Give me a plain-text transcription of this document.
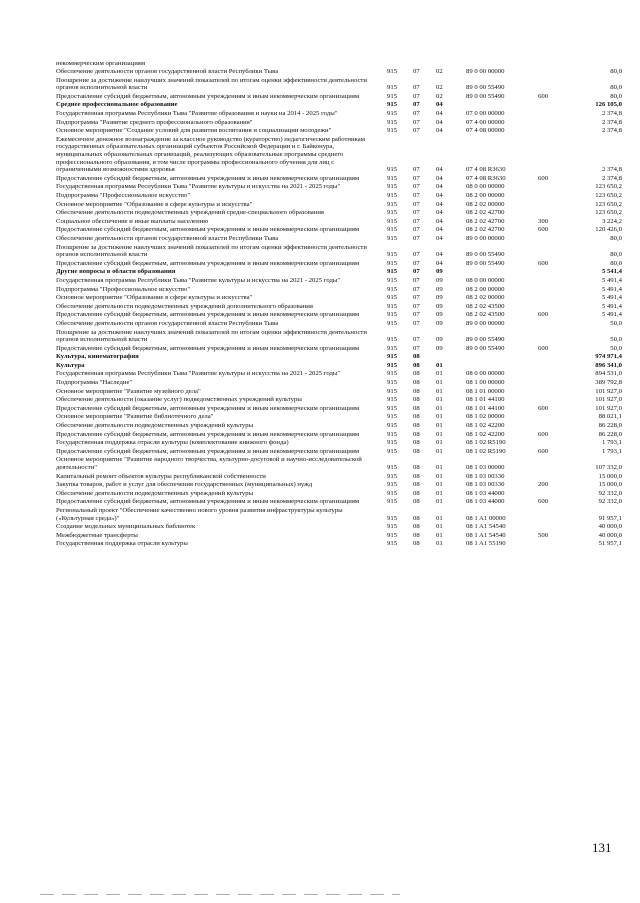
некоммерческим организациям
Обеспечение деятельности органов государственной власти Республики Тыва	915 07 02	89 0 00 00000	80,0
Поощрение за достижение наилучших значений показателей по итогам оценки эффективности деятельности органов исполнительной власти	915 07 02	89 0 00 55490	80,0
Предоставление субсидий бюджетным, автономным учреждениям и иным некоммерческим организациям	915 07 02	89 0 00 55490	600	80,0
Среднее профессиональное образование	915 07 04	126 105,0
Государственная программа Республики Тыва "Развитие образования и науки на 2014 - 2025 годы"	915 07 04	07 0 00 00000	2 374,8
Подпрограмма "Развитие среднего профессионального образования"	915 07 04	07 4 00 00000	2 374,8
Основное мероприятие "Создание условий для развития воспитания и социализации молодежи"	915 07 04	07 4 08 00000	2 374,8
Ежемесячное денежное вознаграждение за классное руководство (кураторство) педагогическим работникам государственных образовательных организаций субъектов Российской Федерации и г. Байконура, муниципальных образовательных организаций, реализующих образовательные программы среднего профессионального образования, в том числе программы профессионального обучения для лиц с ограниченными возможностями здоровья	915 07 04	07 4 08 R3630	2 374,8
Предоставление субсидий бюджетным, автономным учреждениям и иным некоммерческим организациям	915 07 04	07 4 08 R3630	600	2 374,8
Государственная программа Республики Тыва "Развитие культуры и искусства на 2021 - 2025 годы"	915 07 04	08 0 00 00000	123 650,2
Подпрограмма "Профессиональное искусство"	915 07 04	08 2 00 00000	123 650,2
Основное мероприятие "Образование в сфере культуры и искусства"	915 07 04	08 2 02 00000	123 650,2
Обеспечение деятельности подведомственных учреждений средне-специального образования	915 07 04	08 2 02 42700	123 650,2
Социальное обеспечение и иные выплаты населению	915 07 04	08 2 02 42700	300	3 224,2
Предоставление субсидий бюджетным, автономным учреждениям и иным некоммерческим организациям	915 07 04	08 2 02 42700	600	120 426,0
Обеспечение деятельности органов государственной власти Республики Тыва	915 07 04	89 0 00 00000	80,0
Поощрение за достижение наилучших значений показателей по итогам оценки эффективности деятельности органов исполнительной власти	915 07 04	89 0 00 55490	80,0
Предоставление субсидий бюджетным, автономным учреждениям и иным некоммерческим организациям	915 07 04	89 0 00 55490	600	80,0
Другие вопросы в области образования	915 07 09	5 541,4
Государственная программа Республики Тыва "Развитие культуры и искусства на 2021 - 2025 годы"	915 07 09	08 0 00 00000	5 491,4
Подпрограмма "Профессиональное искусство"	915 07 09	08 2 00 00000	5 491,4
Основное мероприятие "Образование в сфере культуры и искусства"	915 07 09	08 2 02 00000	5 491,4
Обеспечение деятельности подведомственных учреждений дополнительного образования	915 07 09	08 2 02 43500	5 491,4
Предоставление субсидий бюджетным, автономным учреждениям и иным некоммерческим организациям	915 07 09	08 2 02 43500	600	5 491,4
Обеспечение деятельности органов государственной власти Республики Тыва	915 07 09	89 0 00 00000	50,0
Поощрение за достижение наилучших значений показателей по итогам оценки эффективности деятельности органов исполнительной власти	915 07 09	89 0 00 55490	50,0
Предоставление субсидий бюджетным, автономным учреждениям и иным некоммерческим организациям	915 07 09	89 0 00 55490	600	50,0
Культура, кинематография	915 08	974 971,4
Культура	915 08 01	896 341,0
Государственная программа Республики Тыва "Развитие культуры и искусства на 2021 - 2025 годы"	915 08 01	08 0 00 00000	894 531,0
Подпрограмма "Наследие"	915 08 01	08 1 00 00000	389 792,8
Основное мероприятие "Развитие музейного дела"	915 08 01	08 1 01 00000	101 927,0
Обеспечение деятельности (оказание услуг) подведомственных учреждений культуры	915 08 01	08 1 01 44100	101 927,0
Предоставление субсидий бюджетным, автономным учреждениям и иным некоммерческим организациям	915 08 01	08 1 01 44100	600	101 927,0
Основное мероприятие "Развитие библиотечного дела"	915 08 01	08 1 02 00000	88 021,1
Обеспечение деятельности подведомственных учреждений культуры	915 08 01	08 1 02 42200	86 228,0
Предоставление субсидий бюджетным, автономным учреждениям и иным некоммерческим организациям	915 08 01	08 1 02 42200	600	86 228,0
Государственная поддержка отрасли культуры (комплектование книжного фонда)	915 08 01	08 1 02 R5190	1 793,1
Предоставление субсидий бюджетным, автономным учреждениям и иным некоммерческим организациям	915 08 01	08 1 02 R5190	600	1 793,1
Основное мероприятие "Развитие народного творчества, культурно-досуговой и научно-исследовательской деятельности"	915 08 01	08 1 03 00000	107 332,0
Капитальный ремонт объектов культуры республиканской собственности	915 08 01	08 1 03 00330	15 000,0
Закупка товаров, работ и услуг для обеспечения государственных (муниципальных) нужд	915 08 01	08 1 03 00330	200	15 000,0
Обеспечение деятельности подведомственных учреждений культуры	915 08 01	08 1 03 44000	92 332,0
Предоставление субсидий бюджетным, автономным учреждениям и иным некоммерческим организациям	915 08 01	08 1 03 44000	600	92 332,0
Региональный проект "Обеспечение качественно нового уровня развития инфраструктуры культуры («Культурная среда»)"	915 08 01	08 1 A1 00000	91 957,1
Создание модельных муниципальных библиотек	915 08 01	08 1 A1 54540	40 000,0
Межбюджетные трансферты	915 08 01	08 1 A1 54540	500	40 000,0
Государственная поддержка отрасли культуры	915 08 01	08 1 A1 55190	51 957,1
131
